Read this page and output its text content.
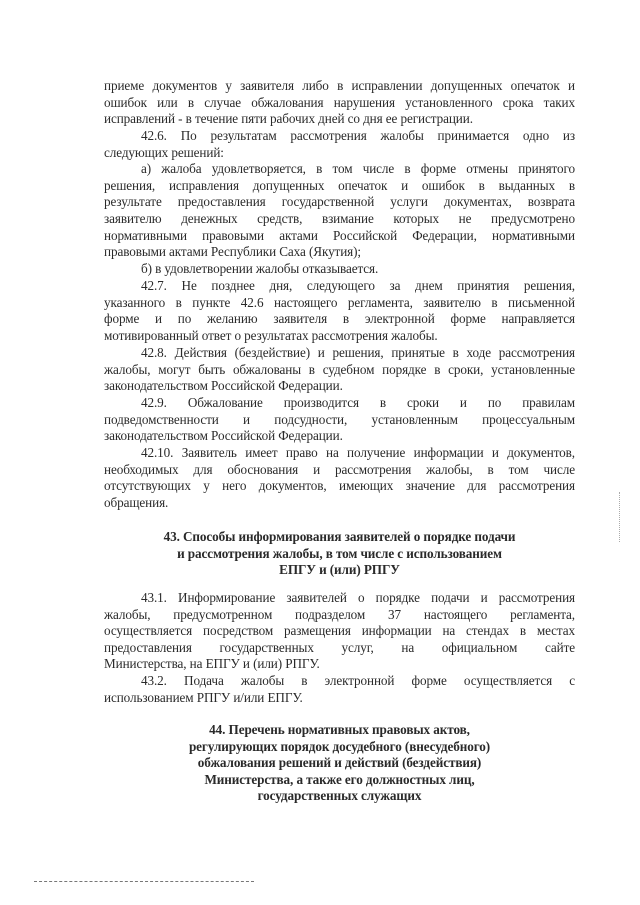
приеме документов у заявителя либо в исправлении допущенных опечаток и
ошибок или в случае обжалования нарушения установленного срока таких
исправлений - в течение пяти рабочих дней со дня ее регистрации.
42.6. По результатам рассмотрения жалобы принимается одно из
следующих решений:
а) жалоба удовлетворяется, в том числе в форме отмены принятого
решения, исправления допущенных опечаток и ошибок в выданных в
результате предоставления государственной услуги документах, возврата
заявителю денежных средств, взимание которых не предусмотрено
нормативными правовыми актами Российской Федерации, нормативными
правовыми актами Республики Саха (Якутия);
б) в удовлетворении жалобы отказывается.
42.7. Не позднее дня, следующего за днем принятия решения,
указанного в пункте 42.6 настоящего регламента, заявителю в письменной
форме и по желанию заявителя в электронной форме направляется
мотивированный ответ о результатах рассмотрения жалобы.
42.8. Действия (бездействие) и решения, принятые в ходе рассмотрения
жалобы, могут быть обжалованы в судебном порядке в сроки, установленные
законодательством Российской Федерации.
42.9. Обжалование производится в сроки и по правилам
подведомственности и подсудности, установленным процессуальным
законодательством Российской Федерации.
42.10. Заявитель имеет право на получение информации и документов,
необходимых для обоснования и рассмотрения жалобы, в том числе
отсутствующих у него документов, имеющих значение для рассмотрения
обращения.
43. Способы информирования заявителей о порядке подачи
и рассмотрения жалобы, в том числе с использованием
ЕПГУ и (или) РПГУ
43.1. Информирование заявителей о порядке подачи и рассмотрения
жалобы, предусмотренном подразделом 37 настоящего регламента,
осуществляется посредством размещения информации на стендах в местах
предоставления государственных услуг, на официальном сайте
Министерства, на ЕПГУ и (или) РПГУ.
43.2. Подача жалобы в электронной форме осуществляется с
использованием РПГУ и/или ЕПГУ.
44. Перечень нормативных правовых актов,
регулирующих порядок досудебного (внесудебного)
обжалования решений и действий (бездействия)
Министерства, а также его должностных лиц,
государственных служащих
